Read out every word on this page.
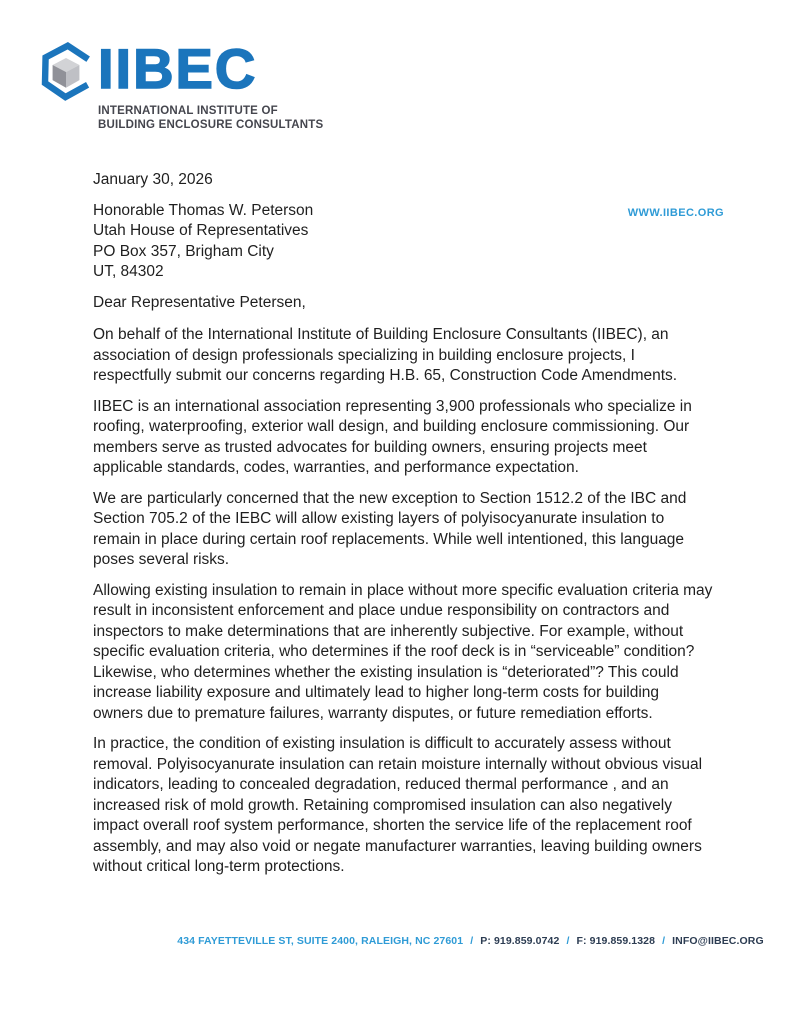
IIBEC
INTERNATIONAL INSTITUTE OF
BUILDING ENCLOSURE CONSULTANTS
WWW.IIBEC.ORG

January 30, 2026

Honorable Thomas W. Peterson
Utah House of Representatives
PO Box 357, Brigham City
UT, 84302

Dear Representative Petersen,

On behalf of the International Institute of Building Enclosure Consultants (IIBEC), an association of design professionals specializing in building enclosure projects, I respectfully submit our concerns regarding H.B. 65, Construction Code Amendments.

IIBEC is an international association representing 3,900 professionals who specialize in roofing, waterproofing, exterior wall design, and building enclosure commissioning. Our members serve as trusted advocates for building owners, ensuring projects meet applicable standards, codes, warranties, and performance expectation.

We are particularly concerned that the new exception to Section 1512.2 of the IBC and Section 705.2 of the IEBC will allow existing layers of polyisocyanurate insulation to remain in place during certain roof replacements. While well intentioned, this language poses several risks.

Allowing existing insulation to remain in place without more specific evaluation criteria may result in inconsistent enforcement and place undue responsibility on contractors and inspectors to make determinations that are inherently subjective. For example, without specific evaluation criteria, who determines if the roof deck is in “serviceable” condition? Likewise, who determines whether the existing insulation is “deteriorated”? This could increase liability exposure and ultimately lead to higher long-term costs for building owners due to premature failures, warranty disputes, or future remediation efforts.

In practice, the condition of existing insulation is difficult to accurately assess without removal. Polyisocyanurate insulation can retain moisture internally without obvious visual indicators, leading to concealed degradation, reduced thermal performance , and an increased risk of mold growth. Retaining compromised insulation can also negatively impact overall roof system performance, shorten the service life of the replacement roof assembly, and may also void or negate manufacturer warranties, leaving building owners without critical long-term protections.

434 FAYETTEVILLE ST, SUITE 2400, RALEIGH, NC 27601 / P: 919.859.0742 / F: 919.859.1328 / INFO@IIBEC.ORG
